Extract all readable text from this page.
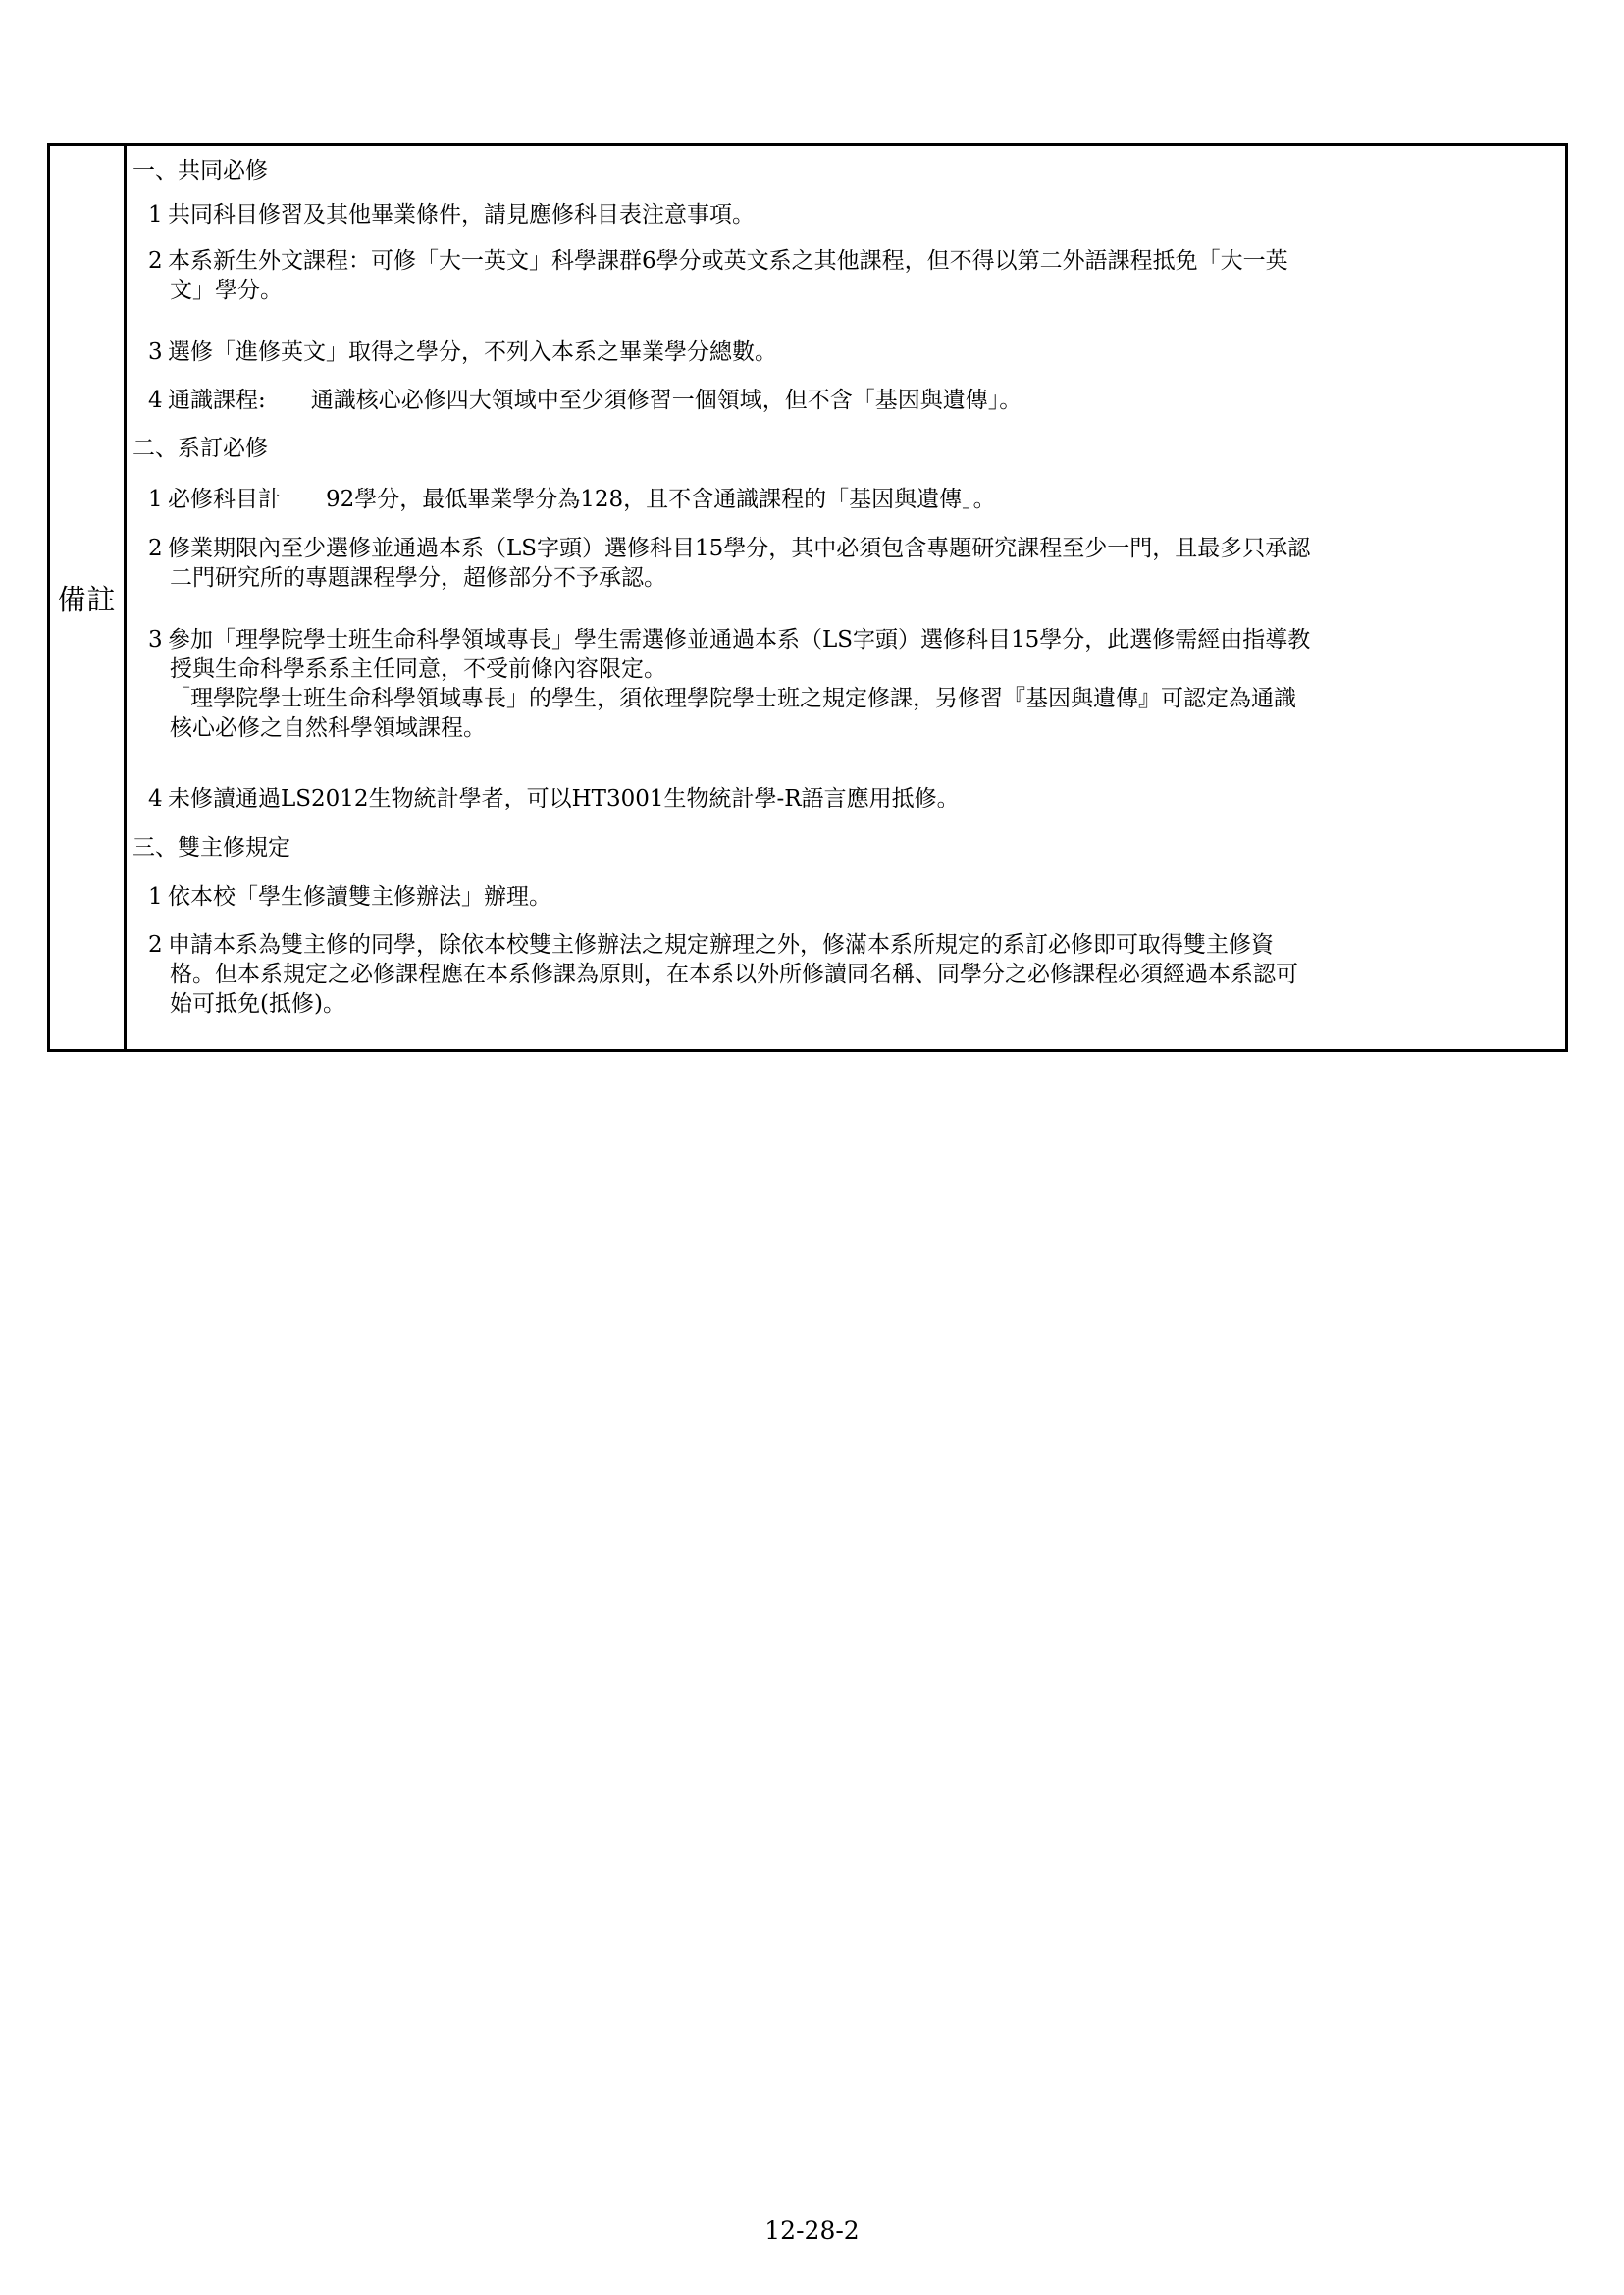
備註
一、共同必修
1 共同科目修習及其他畢業條件，請見應修科目表注意事項。
2 本系新生外文課程：可修「大一英文」科學課群6學分或英文系之其他課程，但不得以第二外語課程抵免「大一英
文」學分。
3 選修「進修英文」取得之學分，不列入本系之畢業學分總數。
4 通識課程:　　通識核心必修四大領域中至少須修習一個領域，但不含「基因與遺傳」。
二、系訂必修
1 必修科目計　　92學分，最低畢業學分為128，且不含通識課程的「基因與遺傳」。
2 修業期限內至少選修並通過本系（LS字頭）選修科目15學分，其中必須包含專題研究課程至少一門，且最多只承認
二門研究所的專題課程學分，超修部分不予承認。
3 參加「理學院學士班生命科學領域專長」學生需選修並通過本系（LS字頭）選修科目15學分，此選修需經由指導教
授與生命科學系系主任同意，不受前條內容限定。
「理學院學士班生命科學領域專長」的學生，須依理學院學士班之規定修課，另修習『基因與遺傳』可認定為通識
核心必修之自然科學領域課程。
4 未修讀通過LS2012生物統計學者，可以HT3001生物統計學-R語言應用抵修。
三、雙主修規定
1 依本校「學生修讀雙主修辦法」辦理。
2 申請本系為雙主修的同學，除依本校雙主修辦法之規定辦理之外，修滿本系所規定的系訂必修即可取得雙主修資
格。但本系規定之必修課程應在本系修課為原則，在本系以外所修讀同名稱、同學分之必修課程必須經過本系認可
始可抵免(抵修)。
12-28-2
